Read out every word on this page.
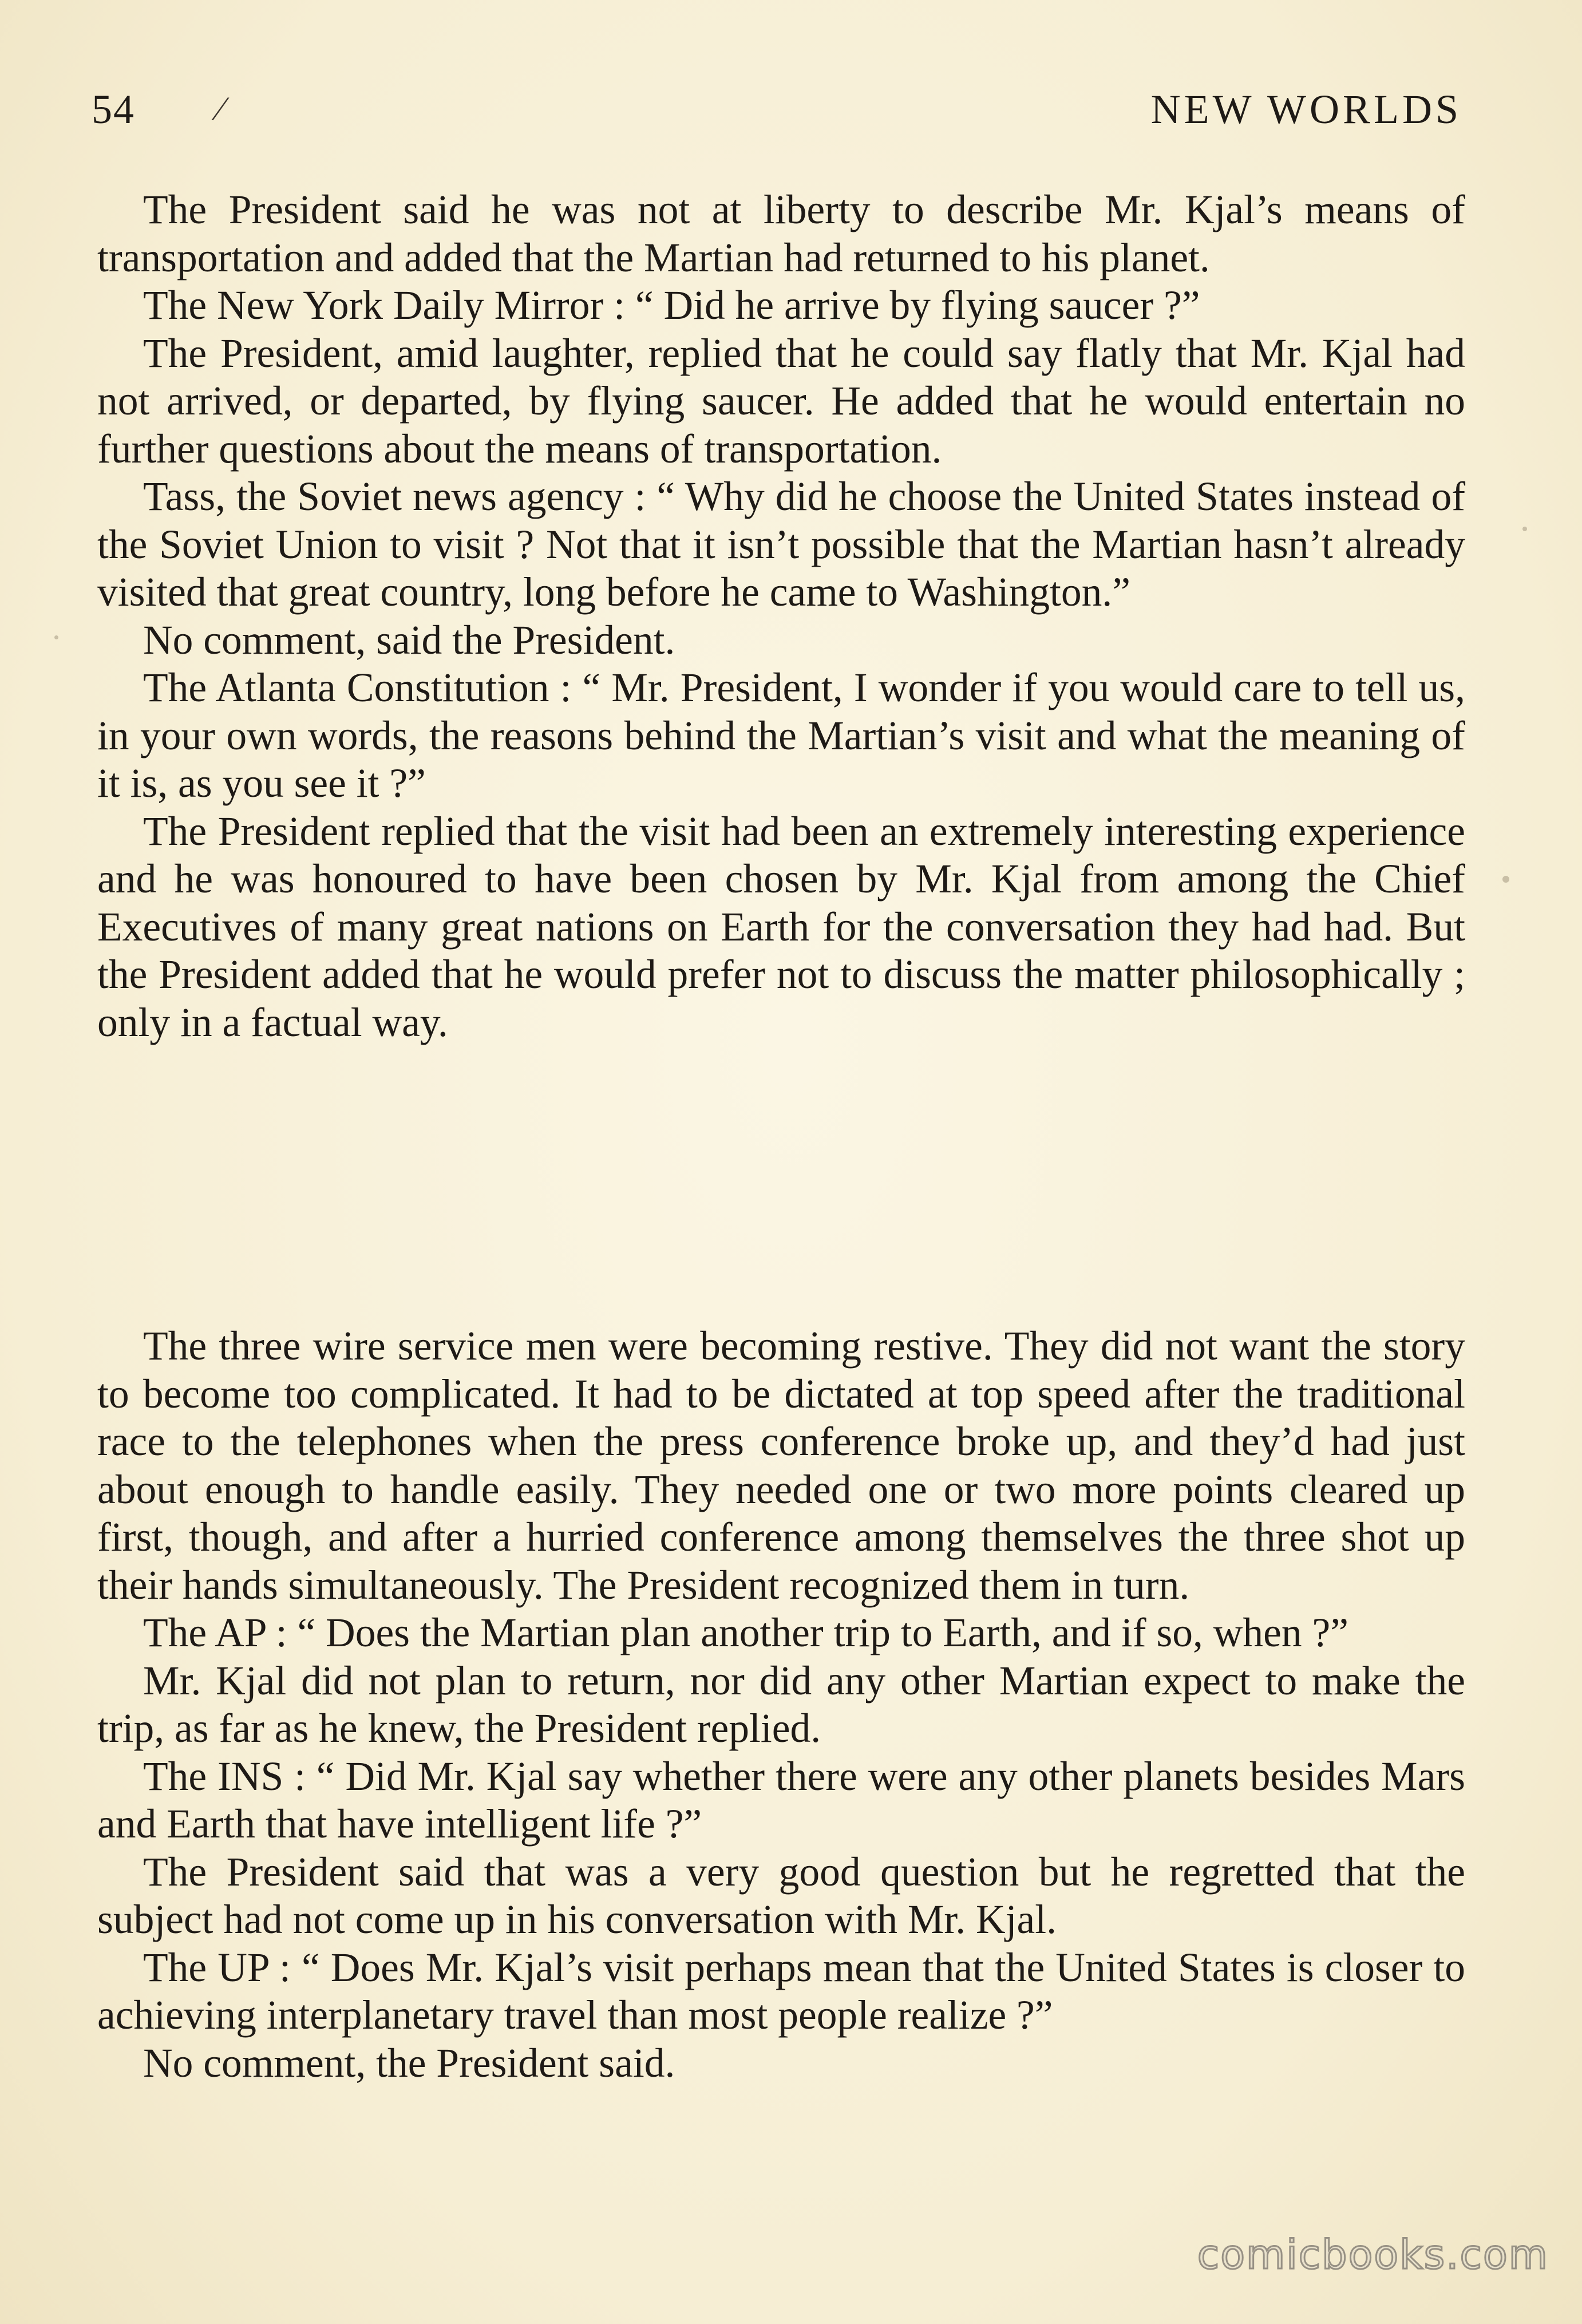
54 ⁄	NEW WORLDS

The President said he was not at liberty to describe Mr. Kjal’s means of transportation and added that the Martian had returned to his planet.

The New York Daily Mirror : “ Did he arrive by flying saucer ?”

The President, amid laughter, replied that he could say flatly that Mr. Kjal had not arrived, or departed, by flying saucer. He added that he would entertain no further questions about the means of transportation.

Tass, the Soviet news agency : “ Why did he choose the United States instead of the Soviet Union to visit ? Not that it isn’t possible that the Martian hasn’t already visited that great country, long before he came to Washington.”

No comment, said the President.

The Atlanta Constitution : “ Mr. President, I wonder if you would care to tell us, in your own words, the reasons behind the Martian’s visit and what the meaning of it is, as you see it ?”

The President replied that the visit had been an extremely interesting experience and he was honoured to have been chosen by Mr. Kjal from among the Chief Executives of many great nations on Earth for the conversation they had had. But the President added that he would prefer not to discuss the matter philosophically ; only in a factual way.

The three wire service men were becoming restive. They did not want the story to become too complicated. It had to be dictated at top speed after the traditional race to the telephones when the press conference broke up, and they’d had just about enough to handle easily. They needed one or two more points cleared up first, though, and after a hurried conference among themselves the three shot up their hands simultaneously. The President recognized them in turn.

The AP : “ Does the Martian plan another trip to Earth, and if so, when ?”

Mr. Kjal did not plan to return, nor did any other Martian expect to make the trip, as far as he knew, the President replied.

The INS : “ Did Mr. Kjal say whether there were any other planets besides Mars and Earth that have intelligent life ?”

The President said that was a very good question but he regretted that the subject had not come up in his conversation with Mr. Kjal.

The UP : “ Does Mr. Kjal’s visit perhaps mean that the United States is closer to achieving interplanetary travel than most people realize ?”

No comment, the President said.

comicbooks.com
